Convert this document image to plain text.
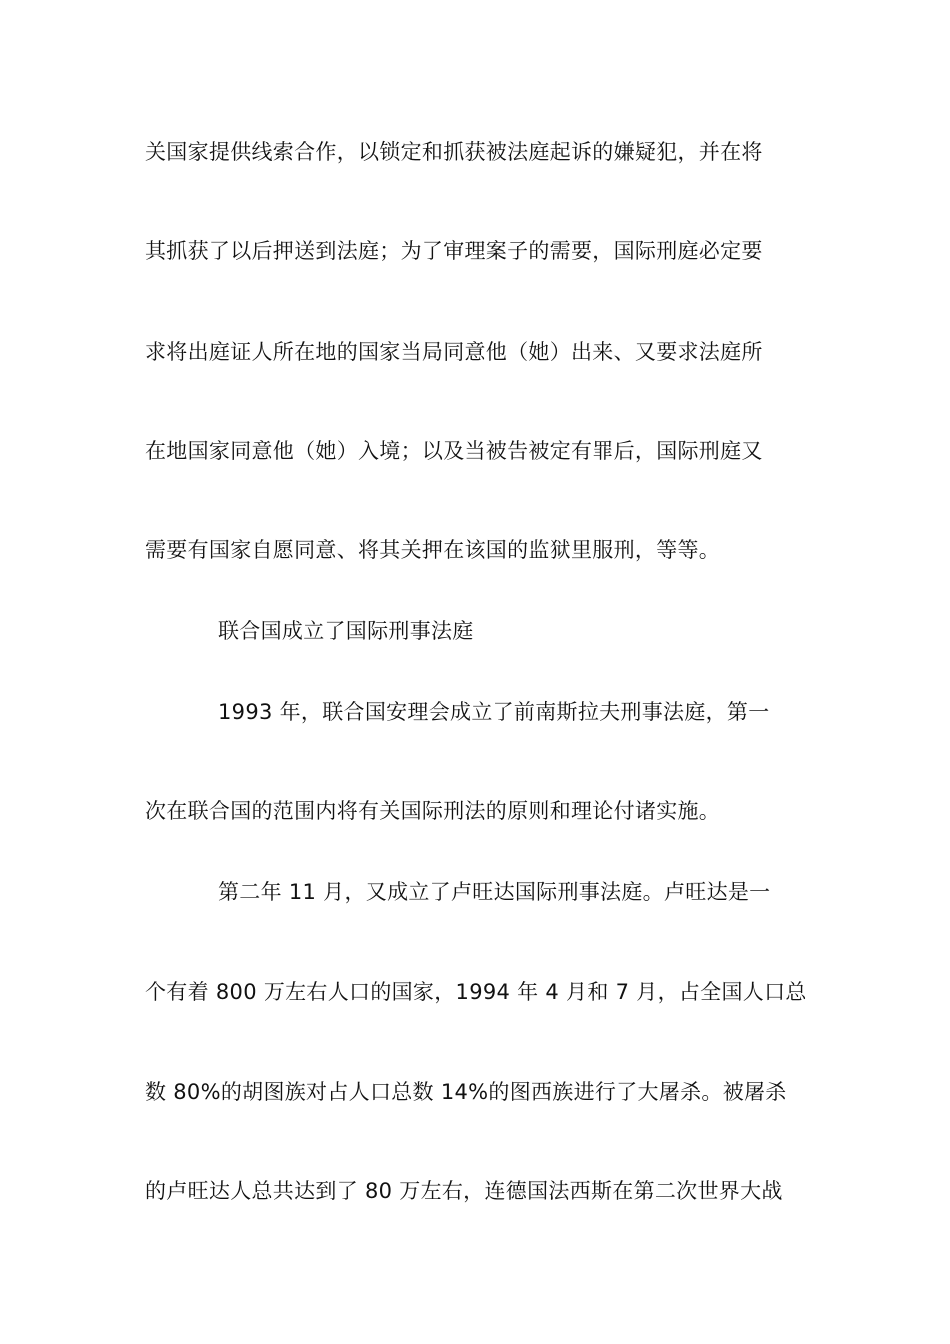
关国家提供线索合作，以锁定和抓获被法庭起诉的嫌疑犯，并在将
其抓获了以后押送到法庭；为了审理案子的需要，国际刑庭必定要
求将出庭证人所在地的国家当局同意他（她）出来、又要求法庭所
在地国家同意他（她）入境；以及当被告被定有罪后，国际刑庭又
需要有国家自愿同意、将其关押在该国的监狱里服刑，等等。
联合国成立了国际刑事法庭
1993 年，联合国安理会成立了前南斯拉夫刑事法庭，第一
次在联合国的范围内将有关国际刑法的原则和理论付诸实施。
第二年 11 月，又成立了卢旺达国际刑事法庭。卢旺达是一
个有着 800 万左右人口的国家，1994 年 4 月和 7 月，占全国人口总
数 80%的胡图族对占人口总数 14%的图西族进行了大屠杀。被屠杀
的卢旺达人总共达到了 80 万左右，连德国法西斯在第二次世界大战
